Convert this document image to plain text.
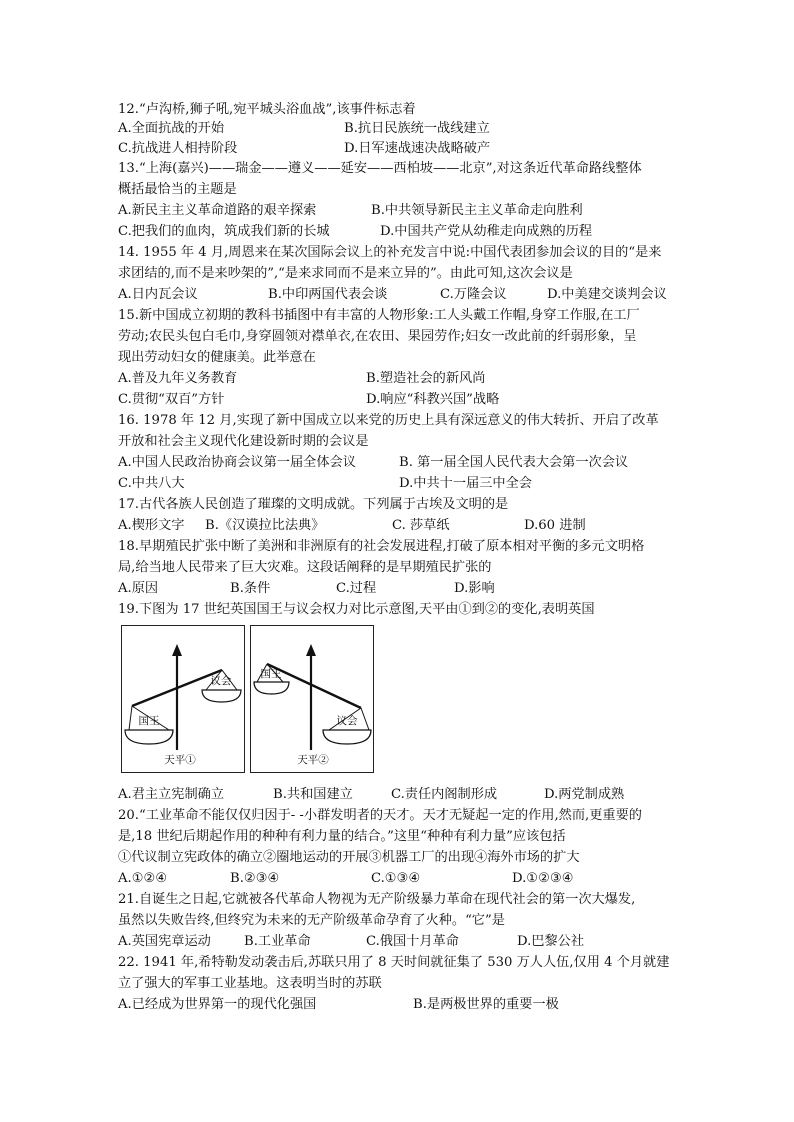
12.“卢沟桥,狮子吼,宛平城头浴血战”,该事件标志着
A.全面抗战的开始	B.抗日民族统一战线建立
C.抗战进人相持阶段	D.日军速战速决战略破产
13.“上海(嘉兴)——瑞金——遵义——延安——西柏坡——北京”,对这条近代革命路线整体
概括最恰当的主题是
A.新民主主义革命道路的艰辛探索	B.中共领导新民主主义革命走向胜利
C.把我们的血肉，筑成我们新的长城	D.中国共产党从幼稚走向成熟的历程
14. 1955 年 4 月,周恩来在某次国际会议上的补充发言中说:中国代表团参加会议的目的“是来
求团结的,而不是来吵架的”,“是来求同而不是来立异的”。由此可知,这次会议是
A.日内瓦会议	B.中印两国代表会谈	C.万隆会议	D.中美建交谈判会议
15.新中国成立初期的教科书插图中有丰富的人物形象:工人头戴工作帽,身穿工作服,在工厂
劳动;农民头包白毛巾,身穿圆领对襟单衣,在农田、果园劳作;妇女一改此前的纤弱形象，呈
现出劳动妇女的健康美。此举意在
A.普及九年义务教育	B.塑造社会的新风尚
C.贯彻“双百”方针	D.响应“科教兴国”战略
16. 1978 年 12 月,实现了新中国成立以来党的历史上具有深远意义的伟大转折、开启了改革
开放和社会主义现代化建设新时期的会议是
A.中国人民政治协商会议第一届全体会议	B. 第一届全国人民代表大会第一次会议
C.中共八大	D.中共十一届三中全会
17.古代各族人民创造了璀璨的文明成就。下列属于古埃及文明的是
A.楔形文字 B.《汉谟拉比法典》	C. 莎草纸	D.60 进制
18.早期殖民扩张中断了美洲和非洲原有的社会发展进程,打破了原本相对平衡的多元文明格
局,给当地人民带来了巨大灾难。这段话阐释的是早期殖民扩张的
A.原因	B.条件	C.过程	D.影响
19.下图为 17 世纪英国国王与议会权力对比示意图,天平由①到②的变化,表明英国
国王
议会
天平①
国王
议会
天平②
A.君主立宪制确立	B.共和国建立	C.责任内阁制形成	D.两党制成熟
20.“工业革命不能仅仅归因于- -小群发明者的天才。天才无疑起一定的作用,然而,更重要的
是,18 世纪后期起作用的种种有利力量的结合。”这里“种种有利力量”应该包括
①代议制立宪政体的确立②圈地运动的开展③机器工厂的出现④海外市场的扩大
A.①②④	B.②③④	C.①③④	D.①②③④
21.自诞生之日起,它就被各代革命人物视为无产阶级暴力革命在现代社会的第一次大爆发,
虽然以失败告终,但终究为未来的无产阶级革命孕育了火种。“它”是
A.英国宪章运动	B.工业革命	C.俄国十月革命	D.巴黎公社
22. 1941 年,希特勒发动袭击后,苏联只用了 8 天时间就征集了 530 万人人伍,仅用 4 个月就建
立了强大的军事工业基地。这表明当时的苏联
A.已经成为世界第一的现代化强国	B.是两极世界的重要一极
